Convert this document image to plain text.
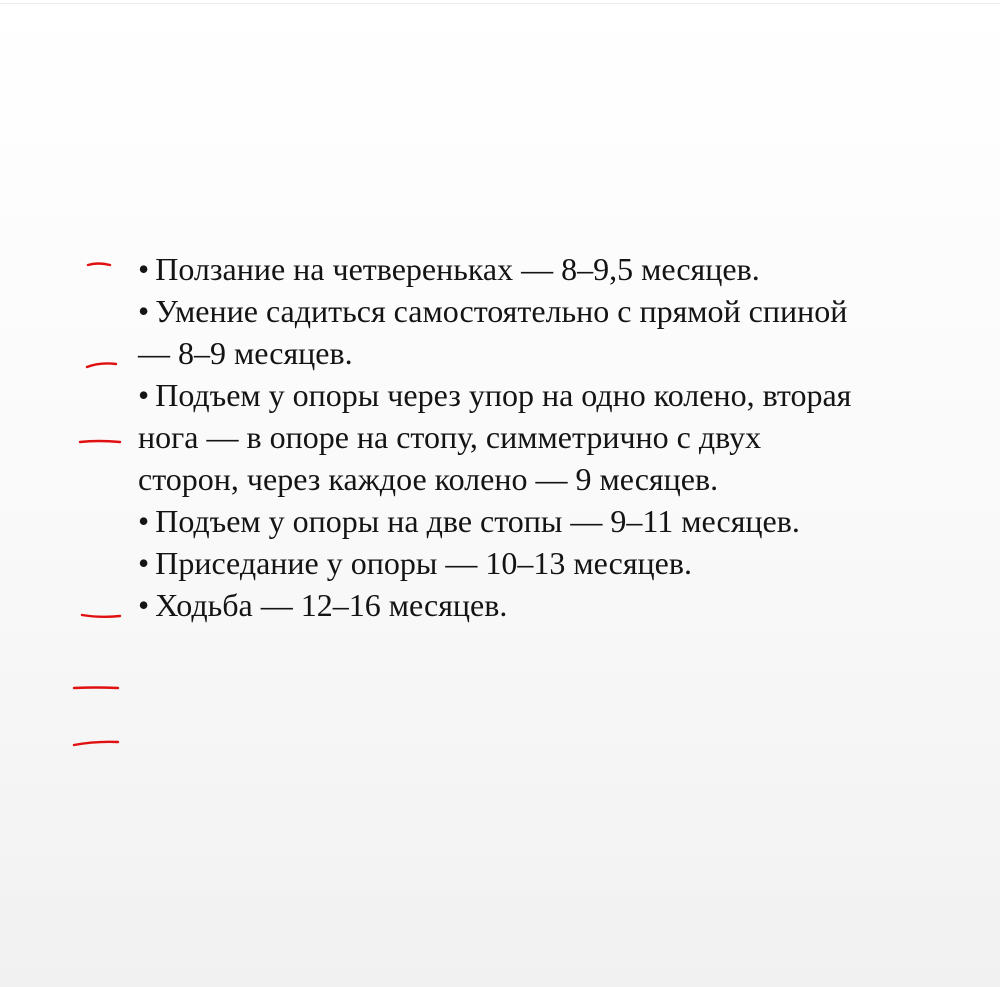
• Ползание на четвереньках — 8–9,5 месяцев.
• Умение садиться самостоятельно с прямой спиной — 8–9 месяцев.
• Подъем у опоры через упор на одно колено, вторая нога — в опоре на стопу, симметрично с двух сторон, через каждое колено — 9 месяцев.
• Подъем у опоры на две стопы — 9–11 месяцев.
• Приседание у опоры — 10–13 месяцев.
• Ходьба — 12–16 месяцев.
